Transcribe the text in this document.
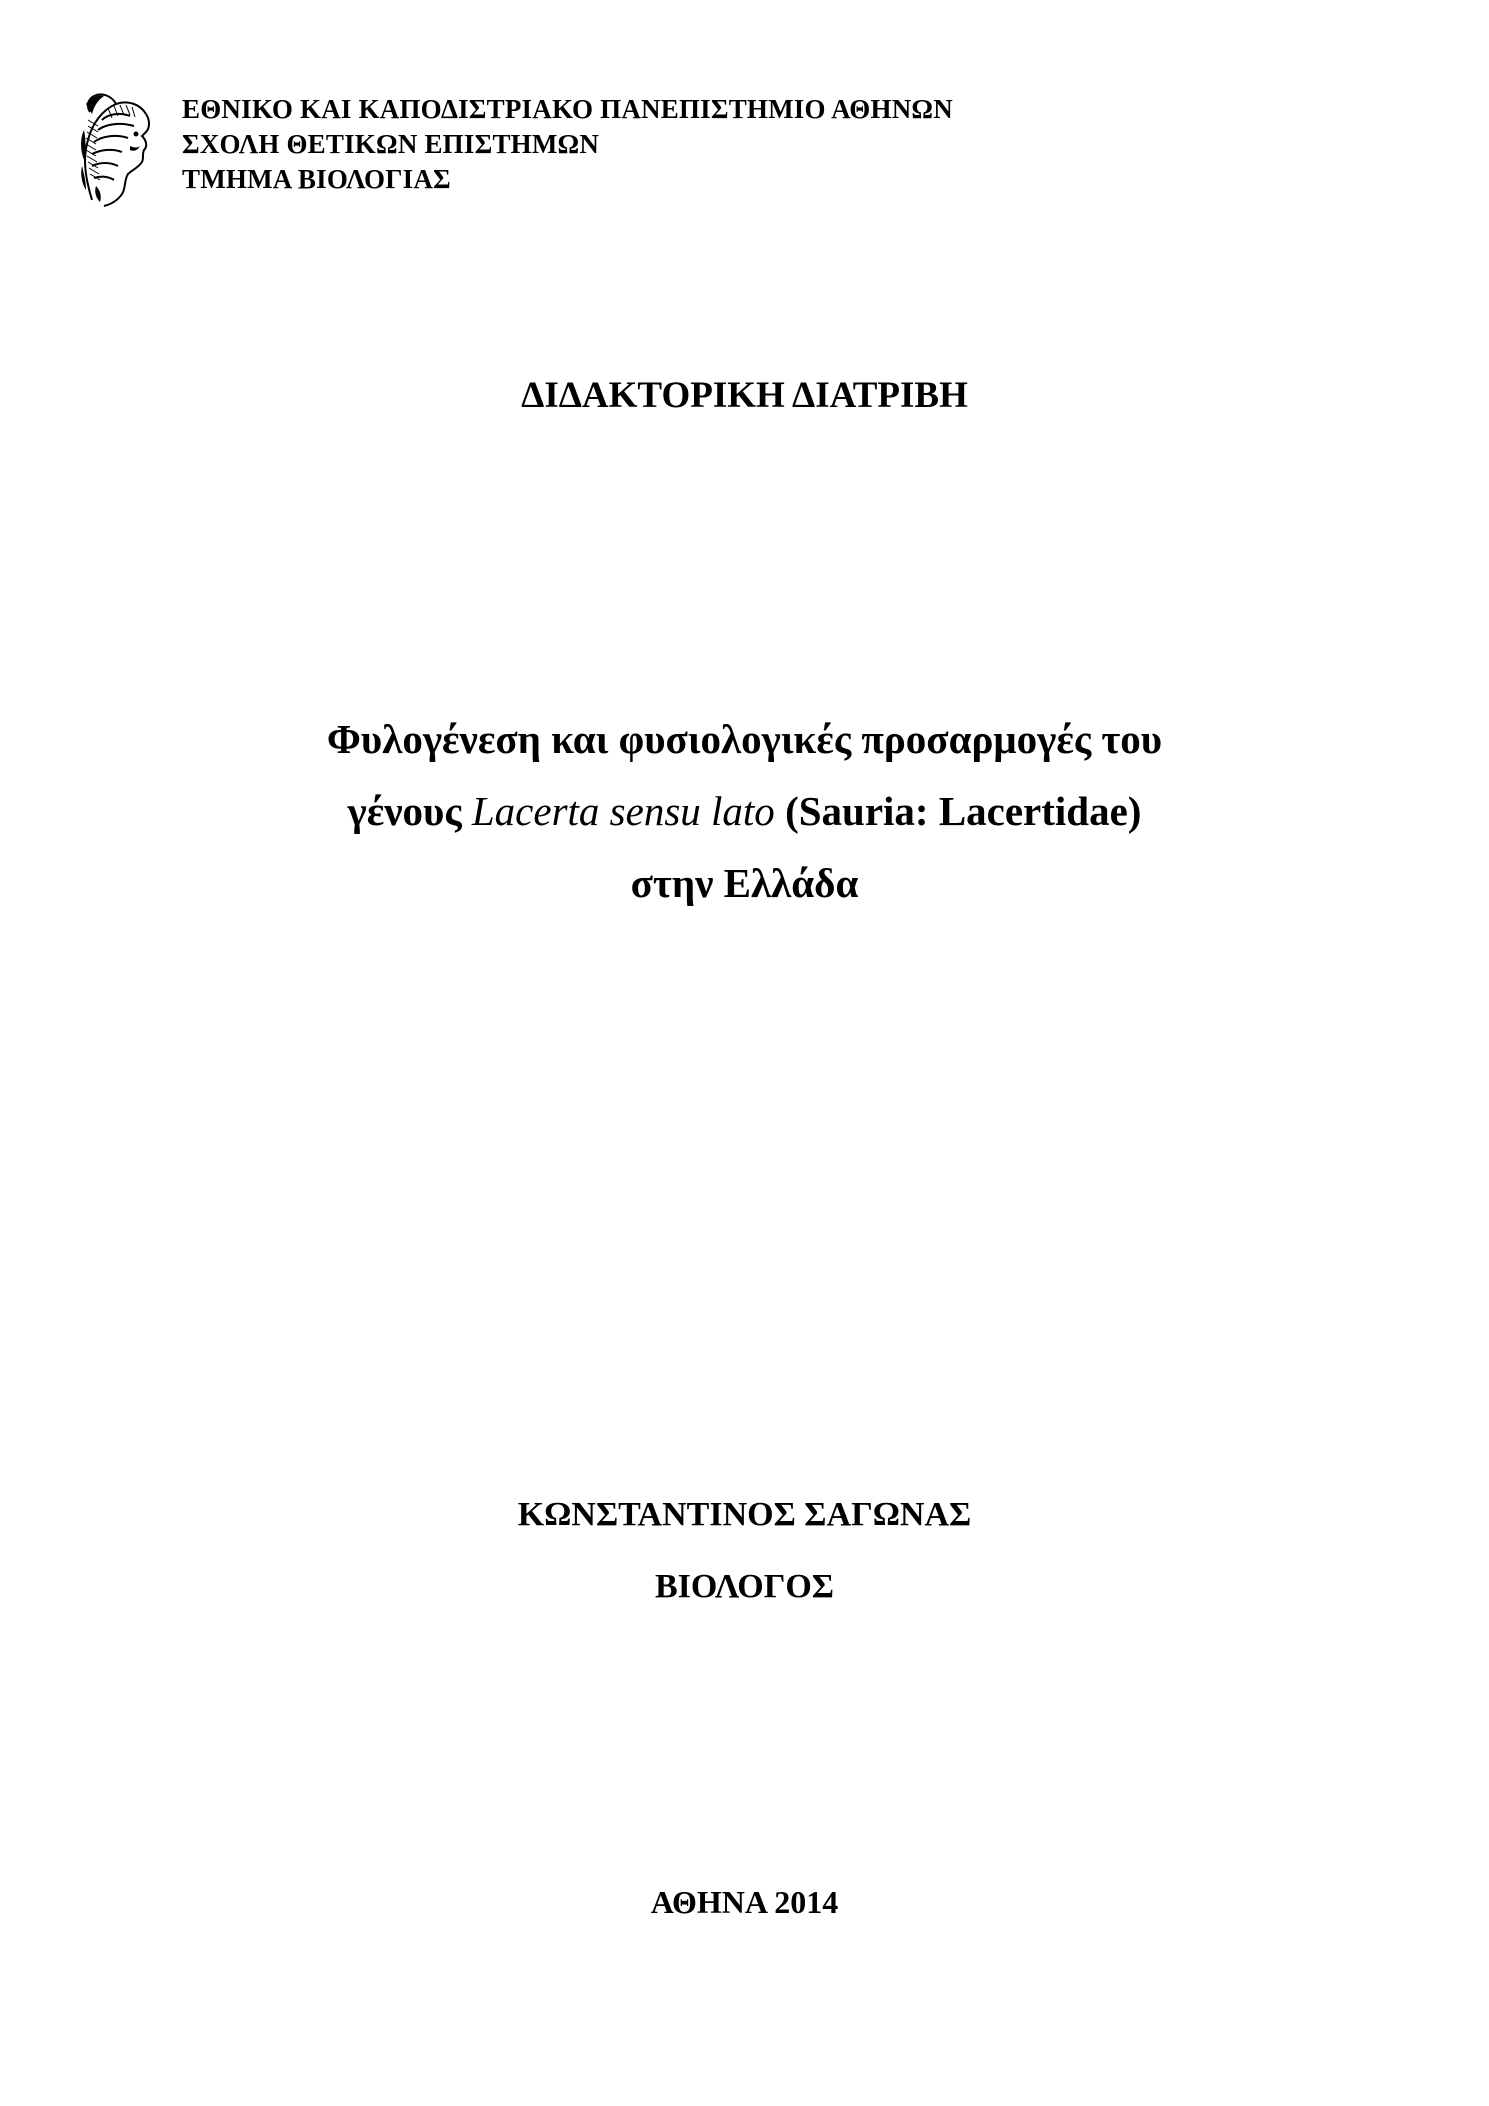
ΕΘΝΙΚΟ ΚΑΙ ΚΑΠΟΔΙΣΤΡΙΑΚΟ ΠΑΝΕΠΙΣΤΗΜΙΟ ΑΘΗΝΩΝ
ΣΧΟΛΗ ΘΕΤΙΚΩΝ ΕΠΙΣΤΗΜΩΝ
ΤΜΗΜΑ ΒΙΟΛΟΓΙΑΣ
ΔΙΔΑΚΤΟΡΙΚΗ ΔΙΑΤΡΙΒΗ
Φυλογένεση και φυσιολογικές προσαρμογές του
γένους Lacerta sensu lato (Sauria: Lacertidae)
στην Ελλάδα
ΚΩΝΣΤΑΝΤΙΝΟΣ ΣΑΓΩΝΑΣ
ΒΙΟΛΟΓΟΣ
ΑΘΗΝΑ 2014
